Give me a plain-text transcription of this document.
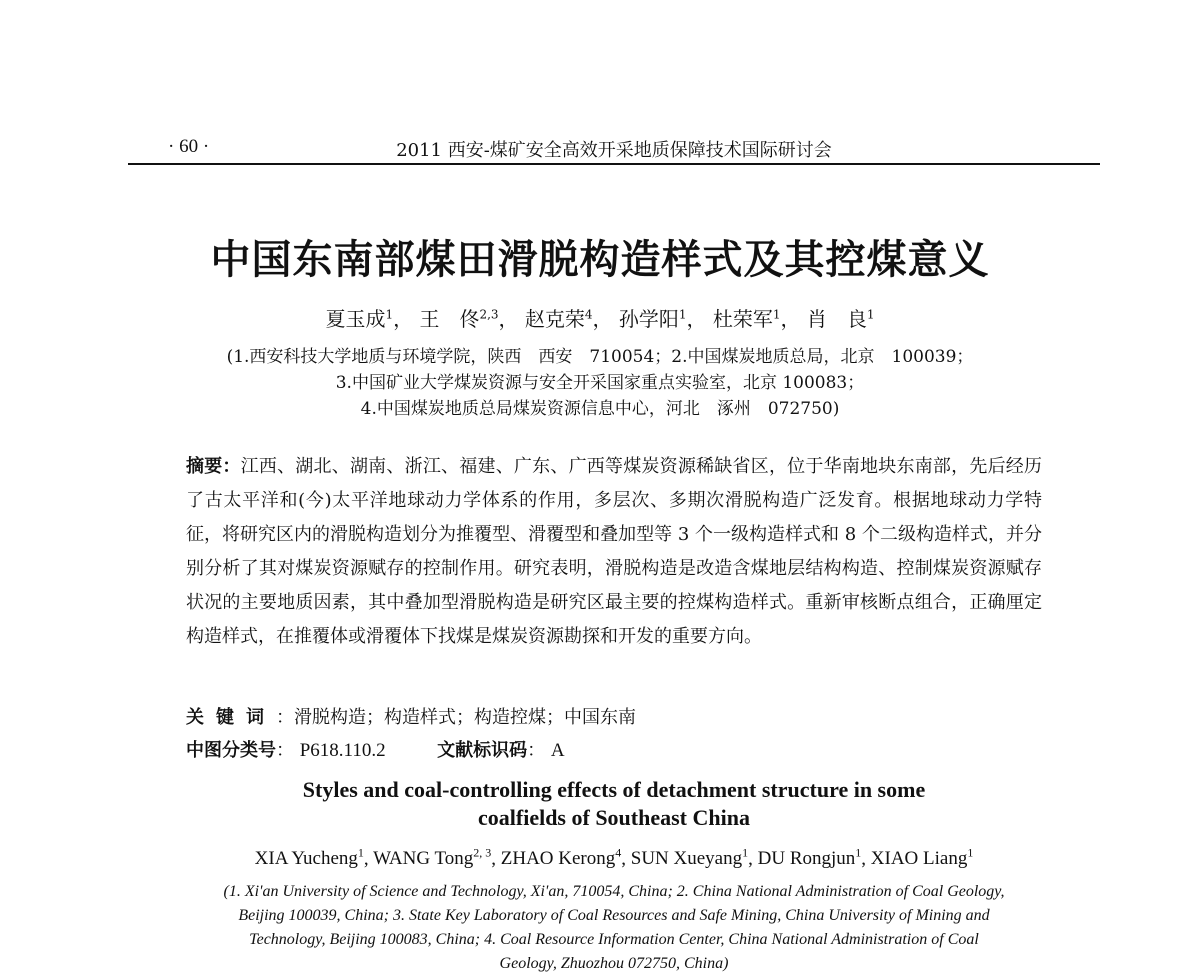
· 60 ·	2011 西安-煤矿安全高效开采地质保障技术国际研讨会
中国东南部煤田滑脱构造样式及其控煤意义
夏玉成$^1$， 王　佟$^{2,3}$， 赵克荣$^4$， 孙学阳$^1$， 杜荣军$^1$， 肖　良$^1$
(1.西安科技大学地质与环境学院，陕西　西安　710054；2.中国煤炭地质总局，北京　100039；
3.中国矿业大学煤炭资源与安全开采国家重点实验室，北京 100083；
4.中国煤炭地质总局煤炭资源信息中心，河北　涿州　072750)
摘要：江西、湖北、湖南、浙江、福建、广东、广西等煤炭资源稀缺省区，位于华南地块东南部，先后经历了古太平洋和(今)太平洋地球动力学体系的作用，多层次、多期次滑脱构造广泛发育。根据地球动力学特征，将研究区内的滑脱构造划分为推覆型、滑覆型和叠加型等 3 个一级构造样式和 8 个二级构造样式，并分别分析了其对煤炭资源赋存的控制作用。研究表明，滑脱构造是改造含煤地层结构构造、控制煤炭资源赋存状况的主要地质因素，其中叠加型滑脱构造是研究区最主要的控煤构造样式。重新审核断点组合，正确厘定构造样式，在推覆体或滑覆体下找煤是煤炭资源勘探和开发的重要方向。
关键词：滑脱构造；构造样式；构造控煤；中国东南
中图分类号： P618.110.2	文献标识码： A
Styles and coal-controlling effects of detachment structure in some
coalfields of Southeast China
XIA Yucheng$^1$, WANG Tong$^{2, 3}$, ZHAO Kerong$^4$, SUN Xueyang$^1$, DU Rongjun$^1$, XIAO Liang$^1$
(1. Xi'an University of Science and Technology, Xi'an, 710054, China; 2. China National Administration of Coal Geology,
Beijing 100039, China; 3. State Key Laboratory of Coal Resources and Safe Mining, China University of Mining and
Technology, Beijing 100083, China; 4. Coal Resource Information Center, China National Administration of Coal
Geology, Zhuozhou 072750, China)
